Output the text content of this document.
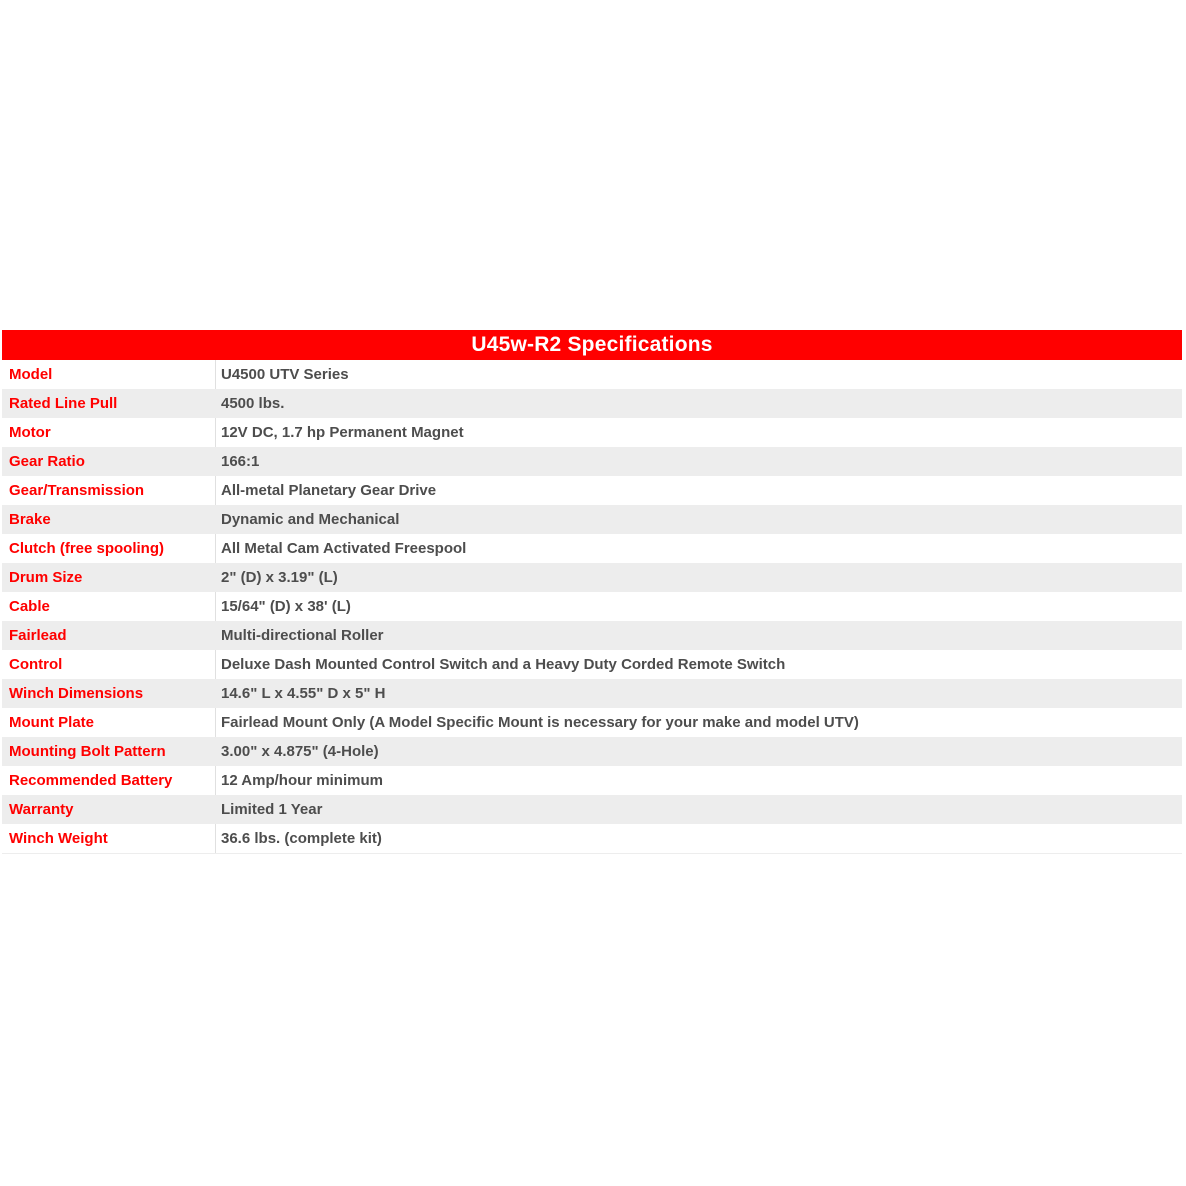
U45w-R2 Specifications
Model	U4500 UTV Series
Rated Line Pull	4500 lbs.
Motor	12V DC, 1.7 hp Permanent Magnet
Gear Ratio	166:1
Gear/Transmission	All-metal Planetary Gear Drive
Brake	Dynamic and Mechanical
Clutch (free spooling)	All Metal Cam Activated Freespool
Drum Size	2" (D) x 3.19" (L)
Cable	15/64" (D) x 38' (L)
Fairlead	Multi-directional Roller
Control	Deluxe Dash Mounted Control Switch and a Heavy Duty Corded Remote Switch
Winch Dimensions	14.6" L x 4.55" D x 5" H
Mount Plate	Fairlead Mount Only (A Model Specific Mount is necessary for your make and model UTV)
Mounting Bolt Pattern	3.00" x 4.875" (4-Hole)
Recommended Battery	12 Amp/hour minimum
Warranty	Limited 1 Year
Winch Weight	36.6 lbs. (complete kit)
